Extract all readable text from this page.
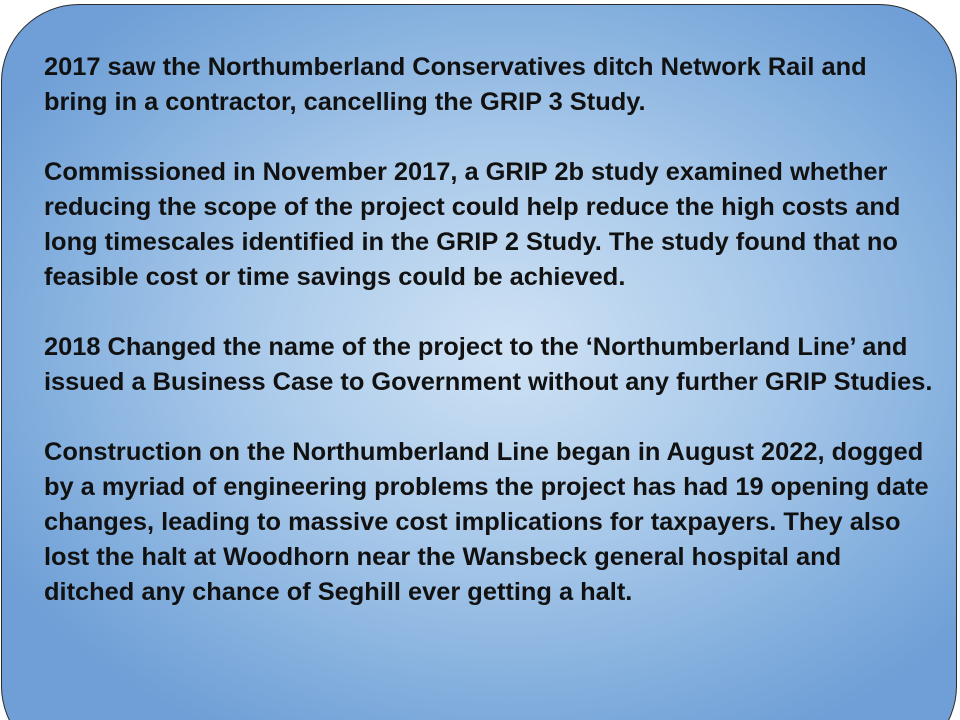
2017 saw the Northumberland Conservatives ditch Network Rail and bring in a contractor, cancelling the GRIP 3 Study.

Commissioned in November 2017, a GRIP 2b study examined whether reducing the scope of the project could help reduce the high costs and long timescales identified in the GRIP 2 Study. The study found that no feasible cost or time savings could be achieved.

2018 Changed the name of the project to the ‘Northumberland Line’ and issued a Business Case to Government without any further GRIP Studies.

Construction on the Northumberland Line began in August 2022, dogged by a myriad of engineering problems the project has had 19 opening date changes, leading to massive cost implications for taxpayers. They also lost the halt at Woodhorn near the Wansbeck general hospital and ditched any chance of Seghill ever getting a halt.
